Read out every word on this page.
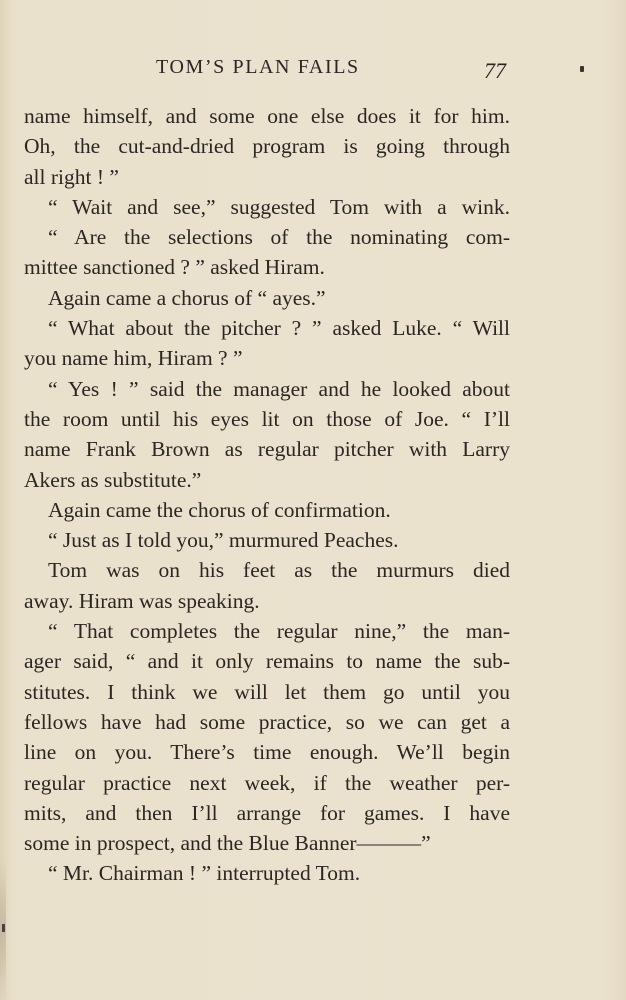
TOM’S PLAN FAILS	77
name himself, and some one else does it for him.
Oh, the cut-and-dried program is going through
all right ! ”
“ Wait and see,” suggested Tom with a wink.
“ Are the selections of the nominating com-
mittee sanctioned ? ” asked Hiram.
Again came a chorus of “ ayes.”
“ What about the pitcher ? ” asked Luke. “ Will
you name him, Hiram ? ”
“ Yes ! ” said the manager and he looked about
the room until his eyes lit on those of Joe. “ I’ll
name Frank Brown as regular pitcher with Larry
Akers as substitute.”
Again came the chorus of confirmation.
“ Just as I told you,” murmured Peaches.
Tom was on his feet as the murmurs died
away. Hiram was speaking.
“ That completes the regular nine,” the man-
ager said, “ and it only remains to name the sub-
stitutes. I think we will let them go until you
fellows have had some practice, so we can get a
line on you. There’s time enough. We’ll begin
regular practice next week, if the weather per-
mits, and then I’ll arrange for games. I have
some in prospect, and the Blue Banner———”
“ Mr. Chairman ! ” interrupted Tom.
